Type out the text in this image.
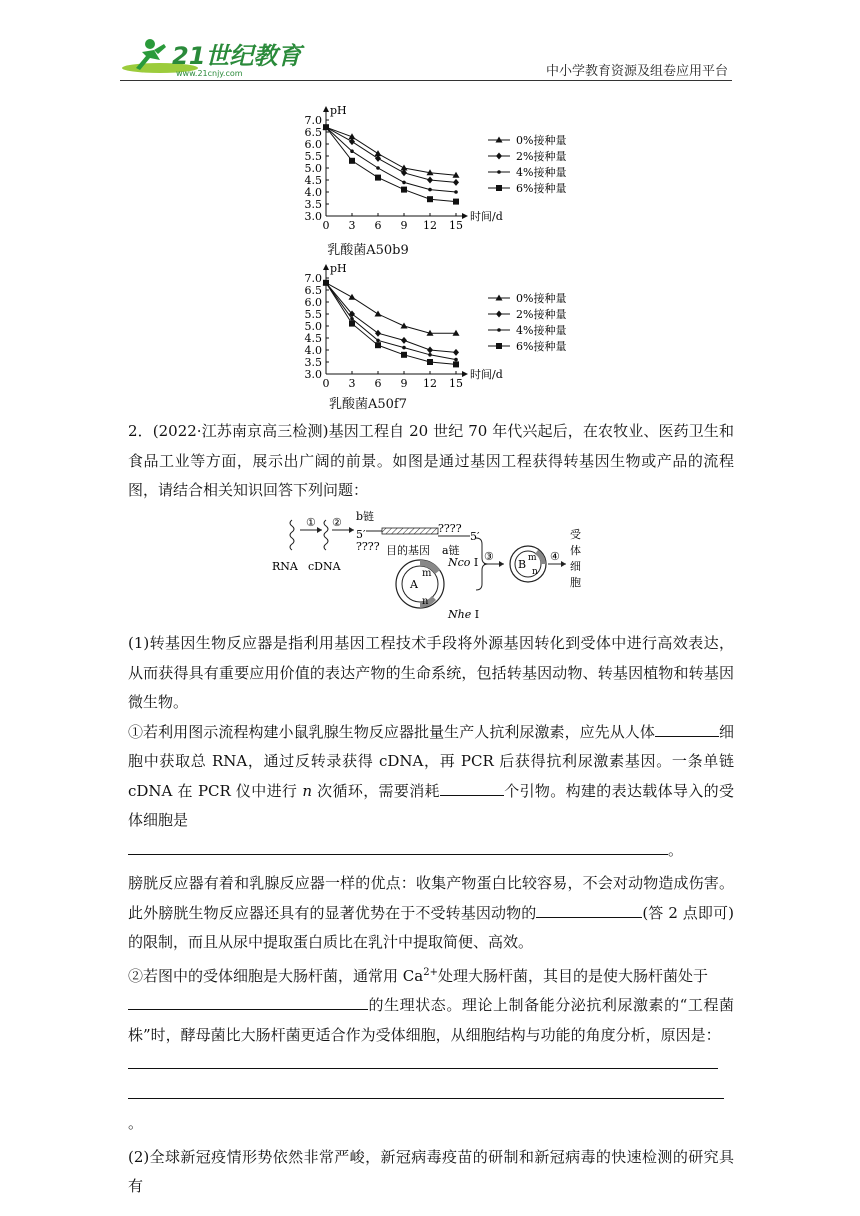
21世纪教育
www.21cnjy.com	中小学教育资源及组卷应用平台
pH
时间/d
7.0
6.5
6.0
5.5
5.0
4.5
4.0
3.5
3.0
0 3 6 9 12 15
0%接种量
2%接种量
4%接种量
6%接种量
乳酸菌A50b9
pH
时间/d
7.0
6.5
6.0
5.5
5.0
4.5
4.0
3.5
3.0
0 3 6 9 12 15
0%接种量
2%接种量
4%接种量
6%接种量
乳酸菌A50f7

2．(2022·江苏南京高三检测)基因工程自 20 世纪 70 年代兴起后，在农牧业、医药卫生和食品工业等方面，展示出广阔的前景。如图是通过基因工程获得转基因生物或产品的流程图，请结合相关知识回答下列问题：

① ②
RNA cDNA
b链
5′	????
5′
???? 目的基因 a链
Nco I
A
m
n
Nhe I
③
B m
n
④
受
体
细
胞

(1)转基因生物反应器是指利用基因工程技术手段将外源基因转化到受体中进行高效表达，从而获得具有重要应用价值的表达产物的生命系统，包括转基因动物、转基因植物和转基因微生物。

①若利用图示流程构建小鼠乳腺生物反应器批量生产人抗利尿激素，应先从人体	细胞中获取总 RNA，通过反转录获得 cDNA，再 PCR 后获得抗利尿激素基因。一条单链 cDNA 在 PCR 仪中进行 n 次循环，需要消耗	个引物。构建的表达载体导入的受体细胞是
。

膀胱反应器有着和乳腺反应器一样的优点：收集产物蛋白比较容易，不会对动物造成伤害。此外膀胱生物反应器还具有的显著优势在于不受转基因动物的	(答 2 点即可)的限制，而且从尿中提取蛋白质比在乳汁中提取简便、高效。

②若图中的受体细胞是大肠杆菌，通常用 $Ca^{2+}$处理大肠杆菌，其目的是使大肠杆菌处于
的生理状态。理论上制备能分泌抗利尿激素的“工程菌株”时，酵母菌比大肠杆菌更适合作为受体细胞，从细胞结构与功能的角度分析，原因是：

。

(2)全球新冠疫情形势依然非常严峻，新冠病毒疫苗的研制和新冠病毒的快速检测的研究具有
